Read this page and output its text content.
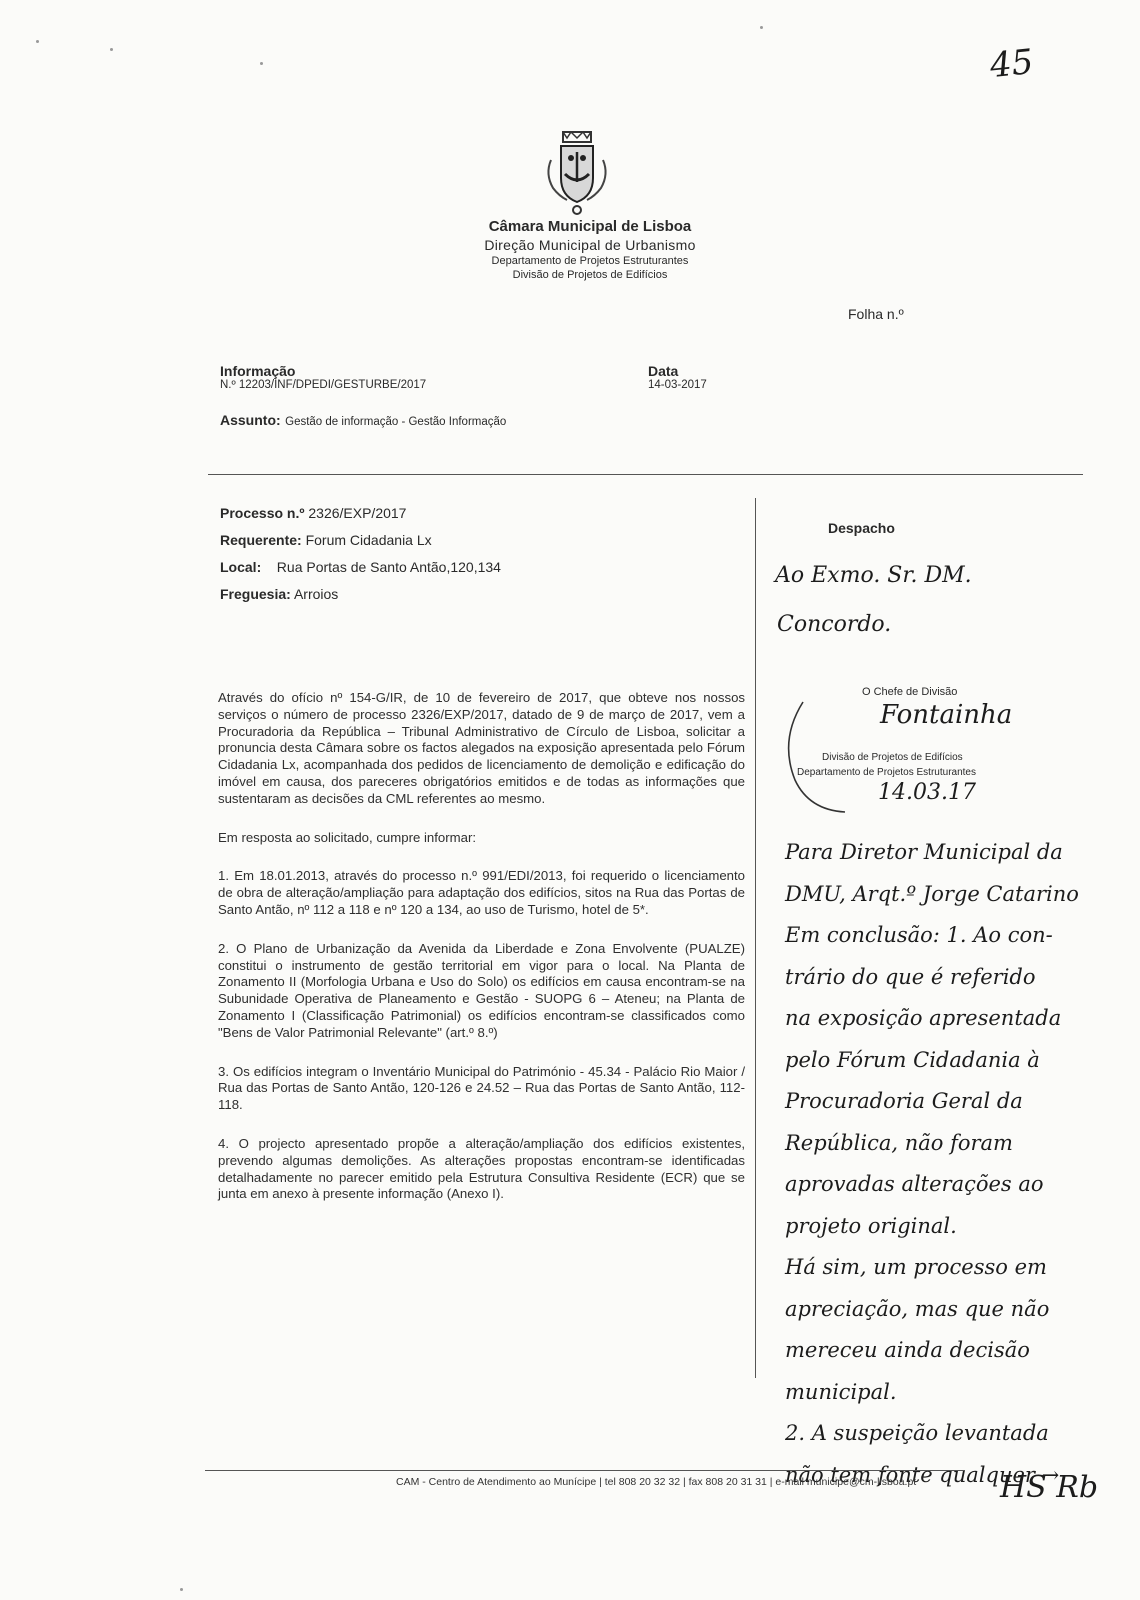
45
Câmara Municipal de Lisboa
Direção Municipal de Urbanismo
Departamento de Projetos Estruturantes
Divisão de Projetos de Edifícios
Folha n.º
Informação
N.º 12203/INF/DPEDI/GESTURBE/2017
Data
14-03-2017
Assunto: Gestão de informação - Gestão Informação
Processo n.º 2326/EXP/2017
Requerente: Forum Cidadania Lx
Local: Rua Portas de Santo Antão,120,134
Freguesia: Arroios

Através do ofício nº 154-G/IR, de 10 de fevereiro de 2017, que obteve nos nossos serviços o número de processo 2326/EXP/2017, datado de 9 de março de 2017, vem a Procuradoria da República – Tribunal Administrativo de Círculo de Lisboa, solicitar a pronuncia desta Câmara sobre os factos alegados na exposição apresentada pelo Fórum Cidadania Lx, acompanhada dos pedidos de licenciamento de demolição e edificação do imóvel em causa, dos pareceres obrigatórios emitidos e de todas as informações que sustentaram as decisões da CML referentes ao mesmo.

Em resposta ao solicitado, cumpre informar:

1. Em 18.01.2013, através do processo n.º 991/EDI/2013, foi requerido o licenciamento de obra de alteração/ampliação para adaptação dos edifícios, sitos na Rua das Portas de Santo Antão, nº 112 a 118 e nº 120 a 134, ao uso de Turismo, hotel de 5*.

2. O Plano de Urbanização da Avenida da Liberdade e Zona Envolvente (PUALZE) constitui o instrumento de gestão territorial em vigor para o local. Na Planta de Zonamento II (Morfologia Urbana e Uso do Solo) os edifícios em causa encontram-se na Subunidade Operativa de Planeamento e Gestão - SUOPG 6 – Ateneu; na Planta de Zonamento I (Classificação Patrimonial) os edifícios encontram-se classificados como "Bens de Valor Patrimonial Relevante" (art.º 8.º)

3. Os edifícios integram o Inventário Municipal do Património - 45.34 - Palácio Rio Maior / Rua das Portas de Santo Antão, 120-126 e 24.52 – Rua das Portas de Santo Antão, 112-118.

4. O projecto apresentado propõe a alteração/ampliação dos edifícios existentes, prevendo algumas demolições. As alterações propostas encontram-se identificadas detalhadamente no parecer emitido pela Estrutura Consultiva Residente (ECR) que se junta em anexo à presente informação (Anexo I).

Despacho
Ao Exmo. Sr. DM.
Concordo.
O Chefe de Divisão
Fontainha
Divisão de Projetos de Edifícios
Departamento de Projetos Estruturantes
14.03.17
Para Diretor Municipal da
DMU, Arqt.º Jorge Catarino
Em conclusão: 1. Ao con-
trário do que é referido
na exposição apresentada
pelo Fórum Cidadania à
Procuradoria Geral da
República, não foram
aprovadas alterações ao
projeto original.
Há sim, um processo em
apreciação, mas que não
mereceu ainda decisão
municipal.
2. A suspeição levantada
não tem fonte qualquer →
CAM - Centro de Atendimento ao Munícipe | tel 808 20 32 32 | fax 808 20 31 31 | e-mail municipe@cm-lisboa.pt	HS Rb
